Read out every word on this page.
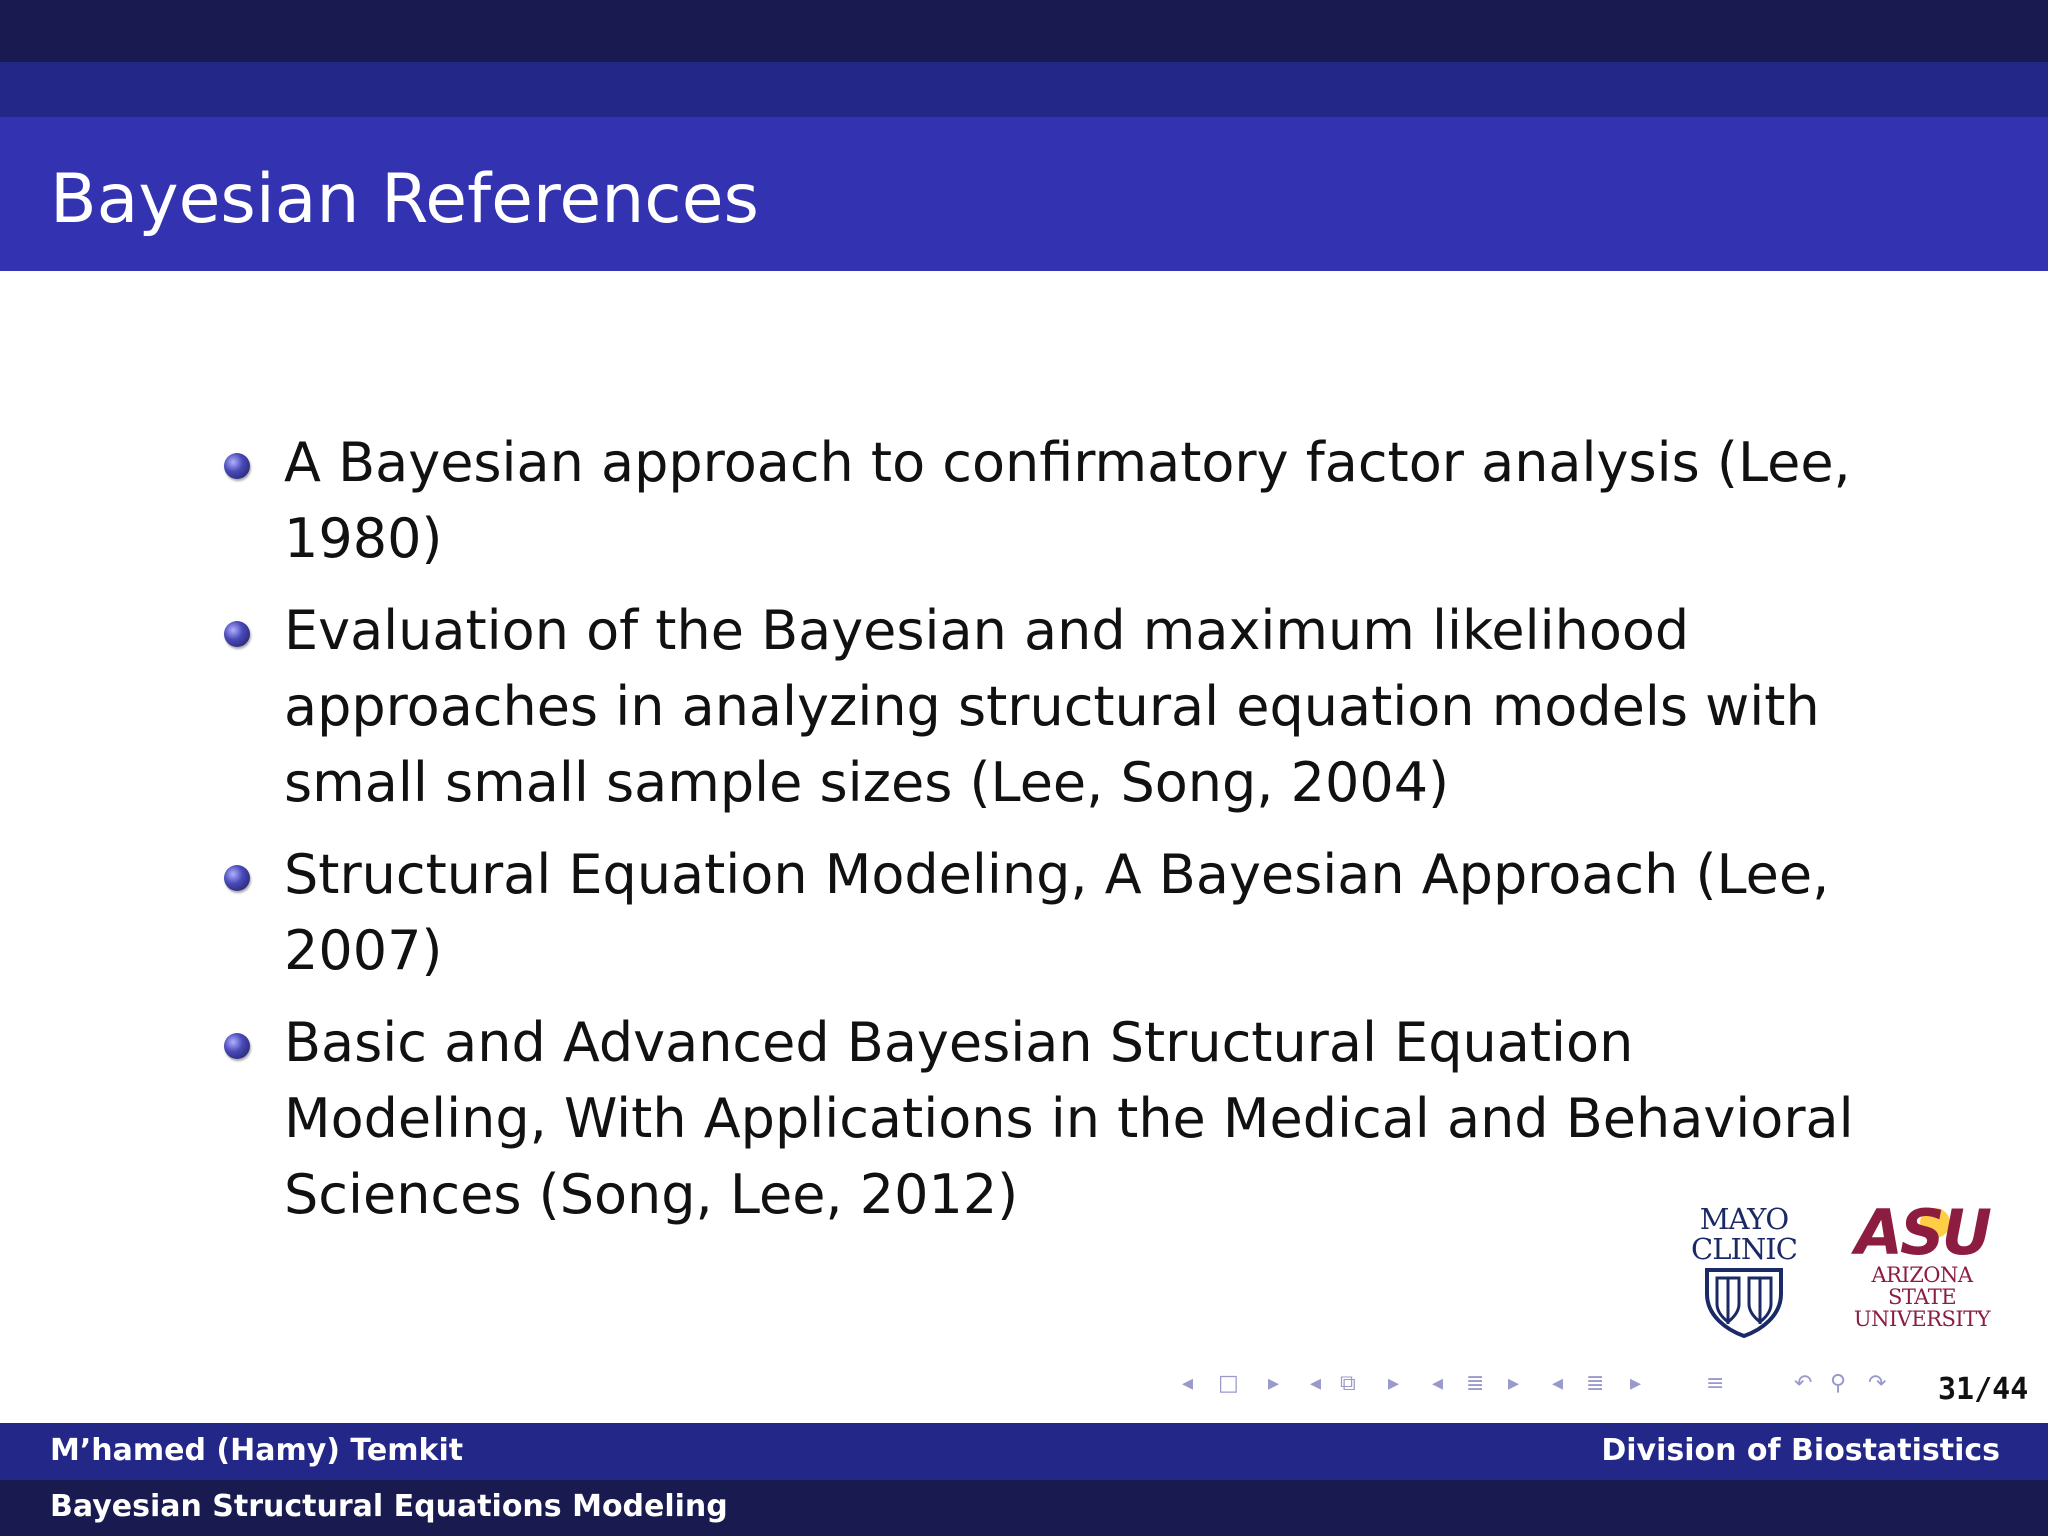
Bayesian References
A Bayesian approach to confirmatory factor analysis (Lee, 1980)
Evaluation of the Bayesian and maximum likelihood approaches in analyzing structural equation models with small small sample sizes (Lee, Song, 2004)
Structural Equation Modeling, A Bayesian Approach (Lee, 2007)
Basic and Advanced Bayesian Structural Equation Modeling, With Applications in the Medical and Behavioral Sciences (Song, Lee, 2012)	MAYO
CLINIC ASU
ARIZONA STATE
UNIVERSITY
◂ □ ▸ ◂ ⧉ ▸ ◂ ≣ ▸ ◂ ≣ ▸	≡	↶ ⚲ ↷ 31/44
M’hamed (Hamy) Temkit	Division of Biostatistics
Bayesian Structural Equations Modeling
